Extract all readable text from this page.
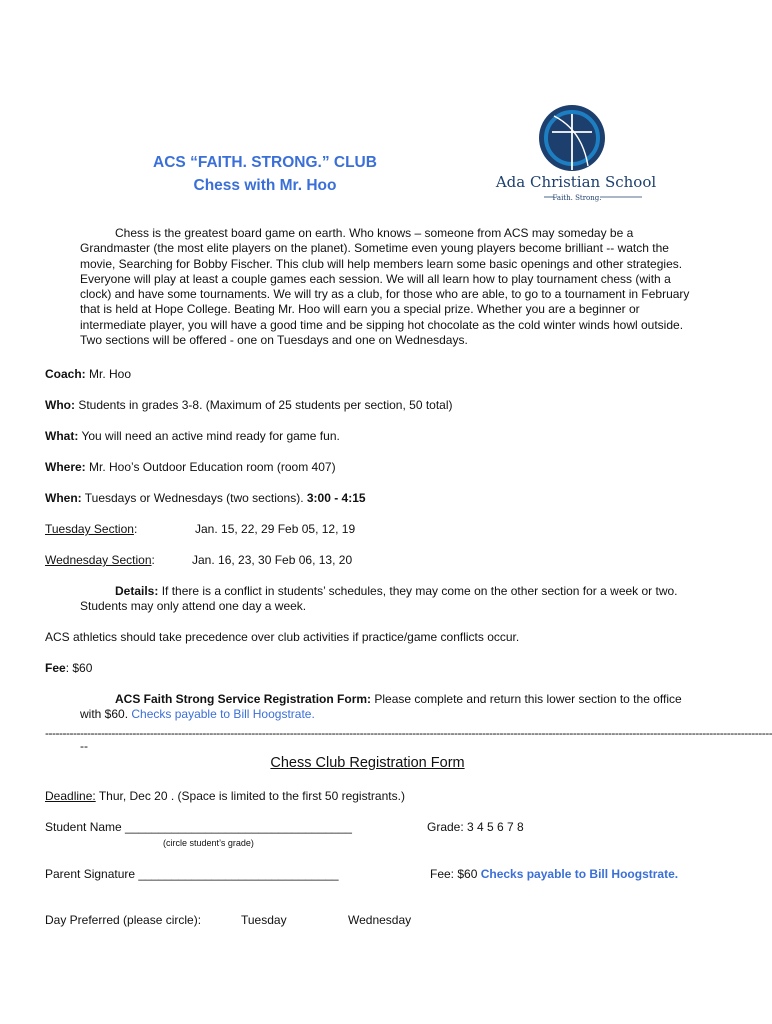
ACS “FAITH. STRONG.” CLUB
Chess with Mr. Hoo	Ada Christian School
Faith. Strong.
Chess is the greatest board game on earth. Who knows – someone from ACS may someday be a Grandmaster (the most elite players on the planet). Sometime even young players become brilliant -- watch the movie, Searching for Bobby Fischer. This club will help members learn some basic openings and other strategies. Everyone will play at least a couple games each session. We will all learn how to play tournament chess (with a clock) and have some tournaments. We will try as a club, for those who are able, to go to a tournament in February that is held at Hope College. Beating Mr. Hoo will earn you a special prize. Whether you are a beginner or intermediate player, you will have a good time and be sipping hot chocolate as the cold winter winds howl outside. Two sections will be offered - one on Tuesdays and one on Wednesdays.
Coach: Mr. Hoo
Who: Students in grades 3-8. (Maximum of 25 students per section, 50 total)
What: You will need an active mind ready for game fun.
Where: Mr. Hoo’s Outdoor Education room (room 407)
When: Tuesdays or Wednesdays (two sections). 3:00 - 4:15
Tuesday Section:	Jan. 15, 22, 29 Feb 05, 12, 19
Wednesday Section:	Jan. 16, 23, 30 Feb 06, 13, 20
Details: If there is a conflict in students’ schedules, they may come on the other section for a week or two. Students may only attend one day a week.
ACS athletics should take precedence over club activities if practice/game conflicts occur.
Fee: $60
ACS Faith Strong Service Registration Form: Please complete and return this lower section to the office with $60. Checks payable to Bill Hoogstrate.
----------------------------------------------------------------------------------------------------------------------------------------------------------------------------------------------------------------
--
Chess Club Registration Form
Deadline: Thur, Dec 20 . (Space is limited to the first 50 registrants.)
Student Name __________________________________	Grade: 3 4 5 6 7 8
(circle student’s grade)
Parent Signature ______________________________	Fee: $60 Checks payable to Bill Hoogstrate.
Day Preferred (please circle):	Tuesday	Wednesday
